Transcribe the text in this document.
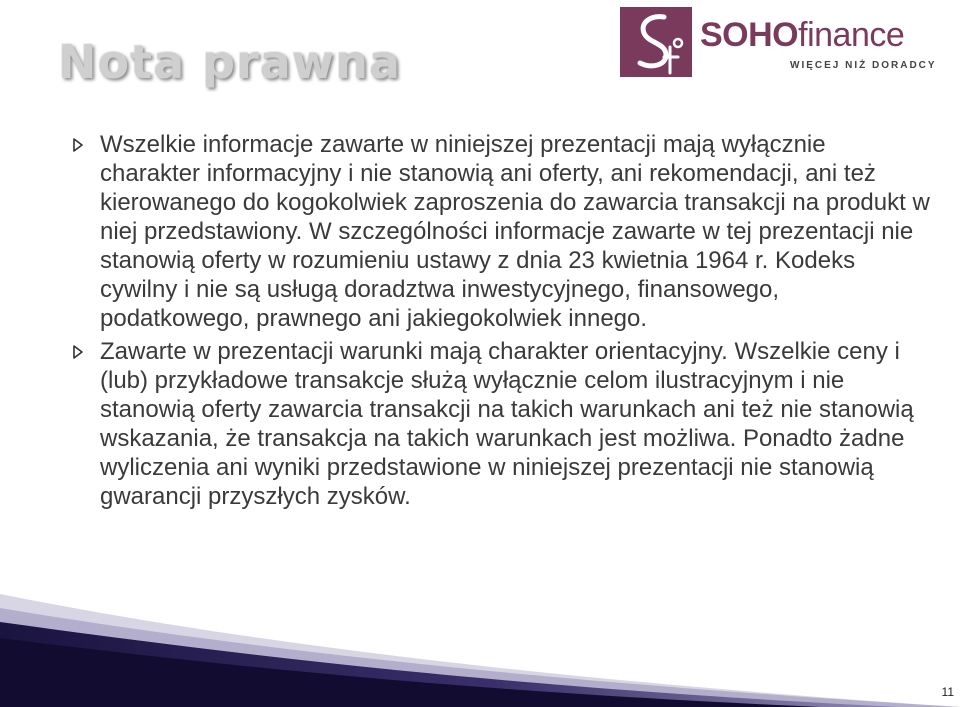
Nota prawna	SOHOfinance
WIĘCEJ NIŻ DORADCY
Wszelkie informacje zawarte w niniejszej prezentacji mają wyłącznie charakter informacyjny i nie stanowią ani oferty, ani rekomendacji, ani też kierowanego do kogokolwiek zaproszenia do zawarcia transakcji na produkt w niej przedstawiony. W szczególności informacje zawarte w tej prezentacji nie stanowią oferty w rozumieniu ustawy z dnia 23 kwietnia 1964 r. Kodeks cywilny i nie są usługą doradztwa inwestycyjnego, finansowego, podatkowego, prawnego ani jakiegokolwiek innego.
Zawarte w prezentacji warunki mają charakter orientacyjny. Wszelkie ceny i (lub) przykładowe transakcje służą wyłącznie celom ilustracyjnym i nie stanowią oferty zawarcia transakcji na takich warunkach ani też nie stanowią wskazania, że transakcja na takich warunkach jest możliwa. Ponadto żadne wyliczenia ani wyniki przedstawione w niniejszej prezentacji nie stanowią gwarancji przyszłych zysków.
11
